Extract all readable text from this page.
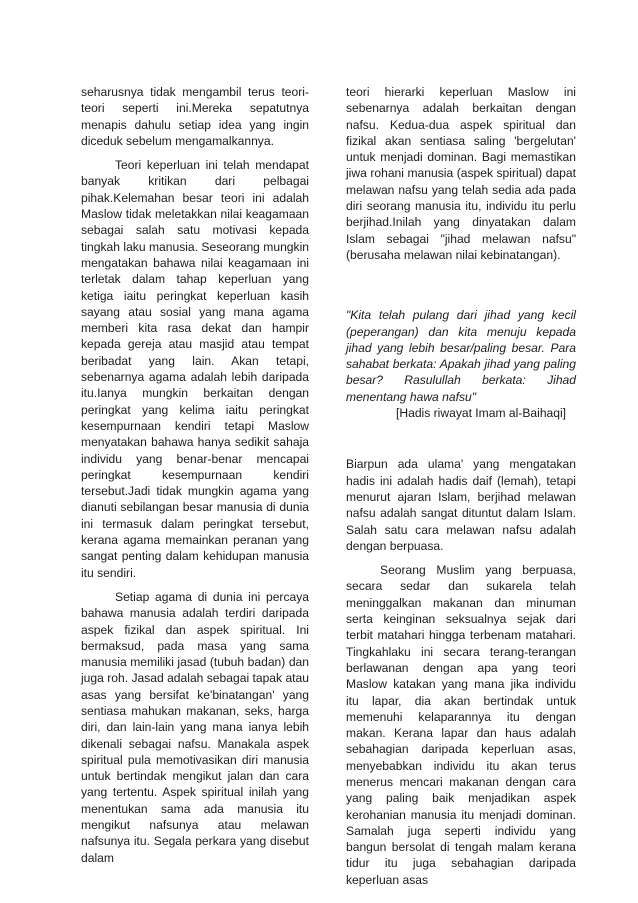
seharusnya tidak mengambil terus teori-teori seperti ini.Mereka sepatutnya menapis dahulu setiap idea yang ingin diceduk sebelum mengamalkannya.

Teori keperluan ini telah mendapat banyak kritikan dari pelbagai pihak.Kelemahan besar teori ini adalah Maslow tidak meletakkan nilai keagamaan sebagai salah satu motivasi kepada tingkah laku manusia. Seseorang mungkin mengatakan bahawa nilai keagamaan ini terletak dalam tahap keperluan yang ketiga iaitu peringkat keperluan kasih sayang atau sosial yang mana agama memberi kita rasa dekat dan hampir kepada gereja atau masjid atau tempat beribadat yang lain. Akan tetapi, sebenarnya agama adalah lebih daripada itu.Ianya mungkin berkaitan dengan peringkat yang kelima iaitu peringkat kesempurnaan kendiri tetapi Maslow menyatakan bahawa hanya sedikit sahaja individu yang benar-benar mencapai peringkat kesempurnaan kendiri tersebut.Jadi tidak mungkin agama yang dianuti sebilangan besar manusia di dunia ini termasuk dalam peringkat tersebut, kerana agama memainkan peranan yang sangat penting dalam kehidupan manusia itu sendiri.

Setiap agama di dunia ini percaya bahawa manusia adalah terdiri daripada aspek fizikal dan aspek spiritual. Ini bermaksud, pada masa yang sama manusia memiliki jasad (tubuh badan) dan juga roh. Jasad adalah sebagai tapak atau asas yang bersifat ke'binatangan' yang sentiasa mahukan makanan, seks, harga diri, dan lain-lain yang mana ianya lebih dikenali sebagai nafsu. Manakala aspek spiritual pula memotivasikan diri manusia untuk bertindak mengikut jalan dan cara yang tertentu. Aspek spiritual inilah yang menentukan sama ada manusia itu mengikut nafsunya atau melawan nafsunya itu. Segala perkara yang disebut dalam

teori hierarki keperluan Maslow ini sebenarnya adalah berkaitan dengan nafsu. Kedua-dua aspek spiritual dan fizikal akan sentiasa saling 'bergelutan' untuk menjadi dominan. Bagi memastikan jiwa rohani manusia (aspek spiritual) dapat melawan nafsu yang telah sedia ada pada diri seorang manusia itu, individu itu perlu berjihad.Inilah yang dinyatakan dalam Islam sebagai "jihad melawan nafsu" (berusaha melawan nilai kebinatangan).

"Kita telah pulang dari jihad yang kecil (peperangan) dan kita menuju kepada jihad yang lebih besar/paling besar. Para sahabat berkata: Apakah jihad yang paling besar? Rasulullah berkata: Jihad menentang hawa nafsu"

[Hadis riwayat Imam al-Baihaqi]

Biarpun ada ulama' yang mengatakan hadis ini adalah hadis daif (lemah), tetapi menurut ajaran Islam, berjihad melawan nafsu adalah sangat dituntut dalam Islam. Salah satu cara melawan nafsu adalah dengan berpuasa.

Seorang Muslim yang berpuasa, secara sedar dan sukarela telah meninggalkan makanan dan minuman serta keinginan seksualnya sejak dari terbit matahari hingga terbenam matahari. Tingkahlaku ini secara terang-terangan berlawanan dengan apa yang teori Maslow katakan yang mana jika individu itu lapar, dia akan bertindak untuk memenuhi kelaparannya itu dengan makan. Kerana lapar dan haus adalah sebahagian daripada keperluan asas, menyebabkan individu itu akan terus menerus mencari makanan dengan cara yang paling baik menjadikan aspek kerohanian manusia itu menjadi dominan. Samalah juga seperti individu yang bangun bersolat di tengah malam kerana tidur itu juga sebahagian daripada keperluan asas
